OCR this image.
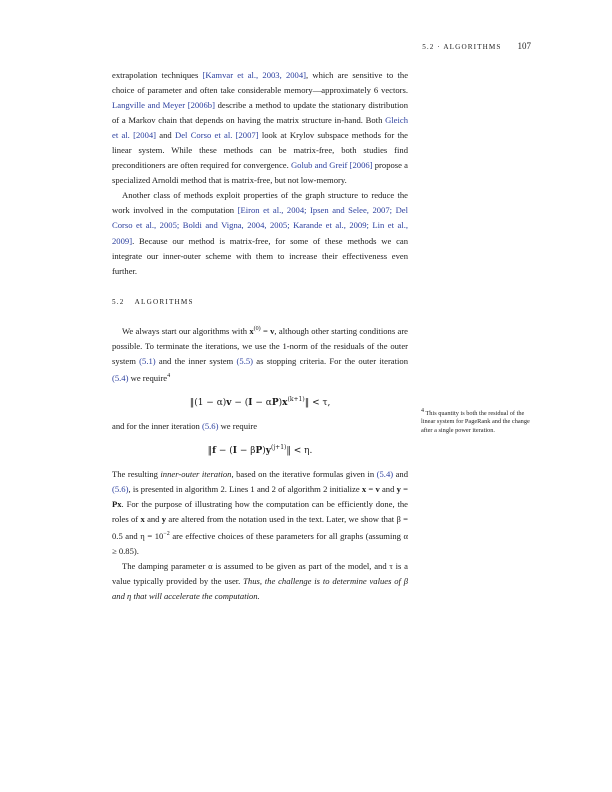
5.2 · ALGORITHMS 107

extrapolation techniques [Kamvar et al., 2003, 2004], which are sensitive to the choice of parameter and often take considerable memory—approximately 6 vectors. Langville and Meyer [2006b] describe a method to update the stationary distribution of a Markov chain that depends on having the matrix structure in-hand. Both Gleich et al. [2004] and Del Corso et al. [2007] look at Krylov subspace methods for the linear system. While these methods can be matrix-free, both studies find preconditioners are often required for convergence. Golub and Greif [2006] propose a specialized Arnoldi method that is matrix-free, but not low-memory.

Another class of methods exploit properties of the graph structure to reduce the work involved in the computation [Eiron et al., 2004; Ipsen and Selee, 2007; Del Corso et al., 2005; Boldi and Vigna, 2004, 2005; Karande et al., 2009; Lin et al., 2009]. Because our method is matrix-free, for some of these methods we can integrate our inner-outer scheme with them to increase their effectiveness even further.

5.2 ALGORITHMS

We always start our algorithms with $x^{(0)} = v$, although other starting conditions are possible. To terminate the iterations, we use the 1-norm of the residuals of the outer system (5.1) and the inner system (5.5) as stopping criteria. For the outer iteration (5.4) we require$^4$

‖(1 − $\alpha)v - (I - \alpha P)x^{(k+1)}‖ < \tau$,

and for the inner iteration (5.6) we require

‖f − $(I - \beta P)y^{(j+1)}‖ < \eta$.

The resulting inner-outer iteration, based on the iterative formulas given in (5.4) and (5.6), is presented in algorithm 2. Lines 1 and 2 of algorithm 2 initialize x = v and y = Px. For the purpose of illustrating how the computation can be efficiently done, the roles of x and y are altered from the notation used in the text. Later, we show that β = 0.5 and $\eta = 10^{-2}$ are effective choices of these parameters for all graphs (assuming α ≥ 0.85).

The damping parameter α is assumed to be given as part of the model, and τ is a value typically provided by the user. Thus, the challenge is to determine values of β and η that will accelerate the computation.

$^4$ This quantity is both the residual of the linear system for PageRank and the change after a single power iteration.
